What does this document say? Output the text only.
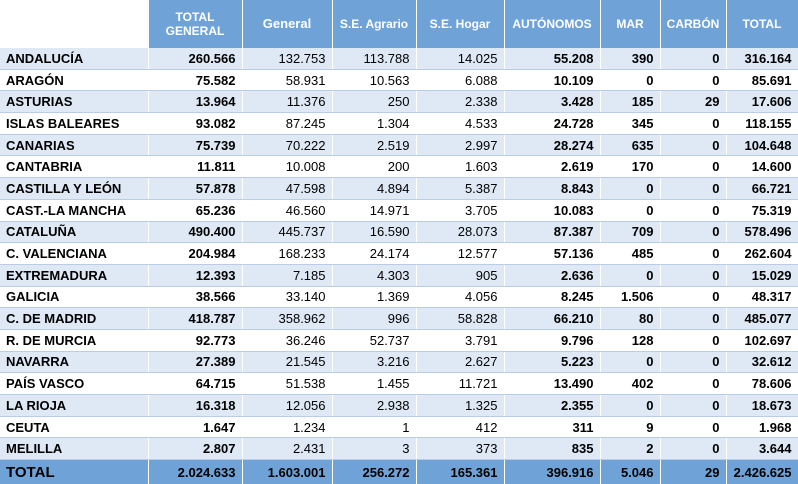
	TOTAL GENERAL	General	S.E. Agrario	S.E. Hogar	AUTÓNOMOS	MAR	CARBÓN	TOTAL
ANDALUCÍA	260.566	132.753	113.788	14.025	55.208	390	0	316.164
ARAGÓN	75.582	58.931	10.563	6.088	10.109	0	0	85.691
ASTURIAS	13.964	11.376	250	2.338	3.428	185	29	17.606
ISLAS BALEARES	93.082	87.245	1.304	4.533	24.728	345	0	118.155
CANARIAS	75.739	70.222	2.519	2.997	28.274	635	0	104.648
CANTABRIA	11.811	10.008	200	1.603	2.619	170	0	14.600
CASTILLA Y LEÓN	57.878	47.598	4.894	5.387	8.843	0	0	66.721
CAST.-LA MANCHA	65.236	46.560	14.971	3.705	10.083	0	0	75.319
CATALUÑA	490.400	445.737	16.590	28.073	87.387	709	0	578.496
C. VALENCIANA	204.984	168.233	24.174	12.577	57.136	485	0	262.604
EXTREMADURA	12.393	7.185	4.303	905	2.636	0	0	15.029
GALICIA	38.566	33.140	1.369	4.056	8.245	1.506	0	48.317
C. DE MADRID	418.787	358.962	996	58.828	66.210	80	0	485.077
R. DE MURCIA	92.773	36.246	52.737	3.791	9.796	128	0	102.697
NAVARRA	27.389	21.545	3.216	2.627	5.223	0	0	32.612
PAÍS VASCO	64.715	51.538	1.455	11.721	13.490	402	0	78.606
LA RIOJA	16.318	12.056	2.938	1.325	2.355	0	0	18.673
CEUTA	1.647	1.234	1	412	311	9	0	1.968
MELILLA	2.807	2.431	3	373	835	2	0	3.644
TOTAL	2.024.633	1.603.001	256.272	165.361	396.916	5.046	29	2.426.625
